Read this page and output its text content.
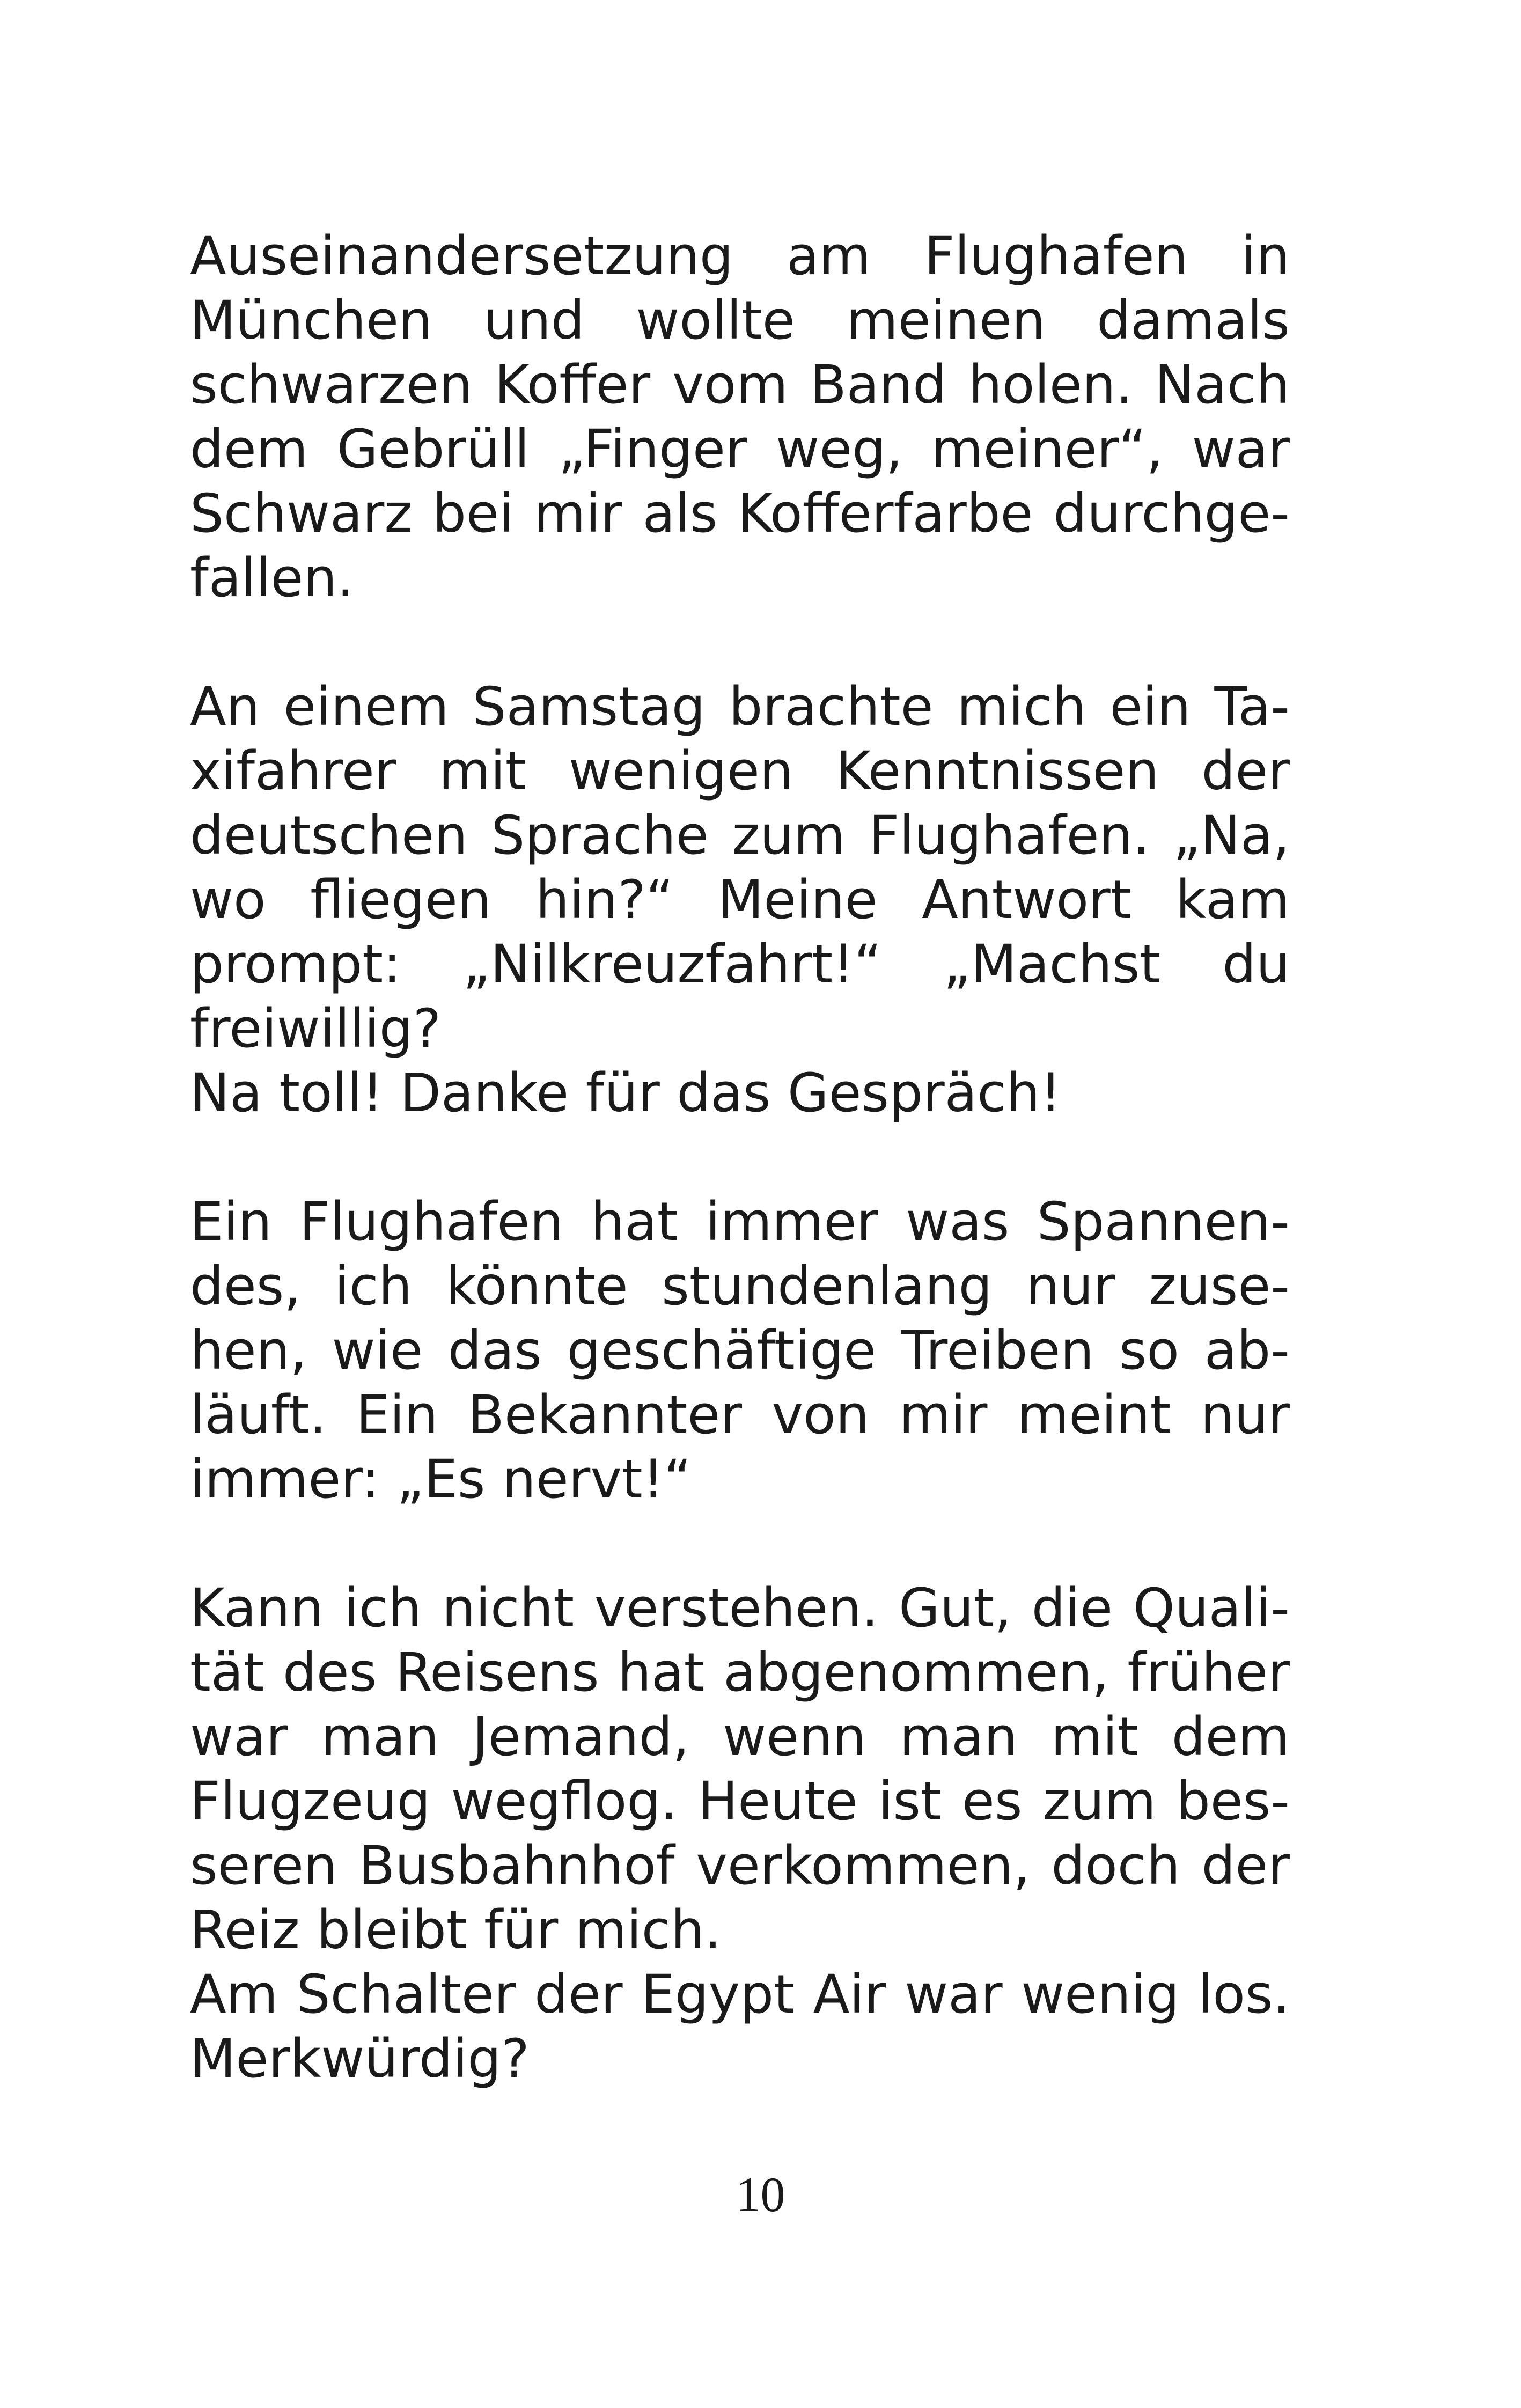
Auseinandersetzung am Flughafen in
München und wollte meinen damals
schwarzen Koffer vom Band holen. Nach
dem Gebrüll „Finger weg, meiner“, war
Schwarz bei mir als Kofferfarbe durchge-
fallen.
An einem Samstag brachte mich ein Ta-
xifahrer mit wenigen Kenntnissen der
deutschen Sprache zum Flughafen. „Na,
wo fliegen hin?“ Meine Antwort kam
prompt: „Nilkreuzfahrt!“ „Machst du
freiwillig?
Na toll! Danke für das Gespräch!
Ein Flughafen hat immer was Spannen-
des, ich könnte stundenlang nur zuse-
hen, wie das geschäftige Treiben so ab-
läuft. Ein Bekannter von mir meint nur
immer: „Es nervt!“
Kann ich nicht verstehen. Gut, die Quali-
tät des Reisens hat abgenommen, früher
war man Jemand, wenn man mit dem
Flugzeug wegflog. Heute ist es zum bes-
seren Busbahnhof verkommen, doch der
Reiz bleibt für mich.
Am Schalter der Egypt Air war wenig los.
Merkwürdig?
10
